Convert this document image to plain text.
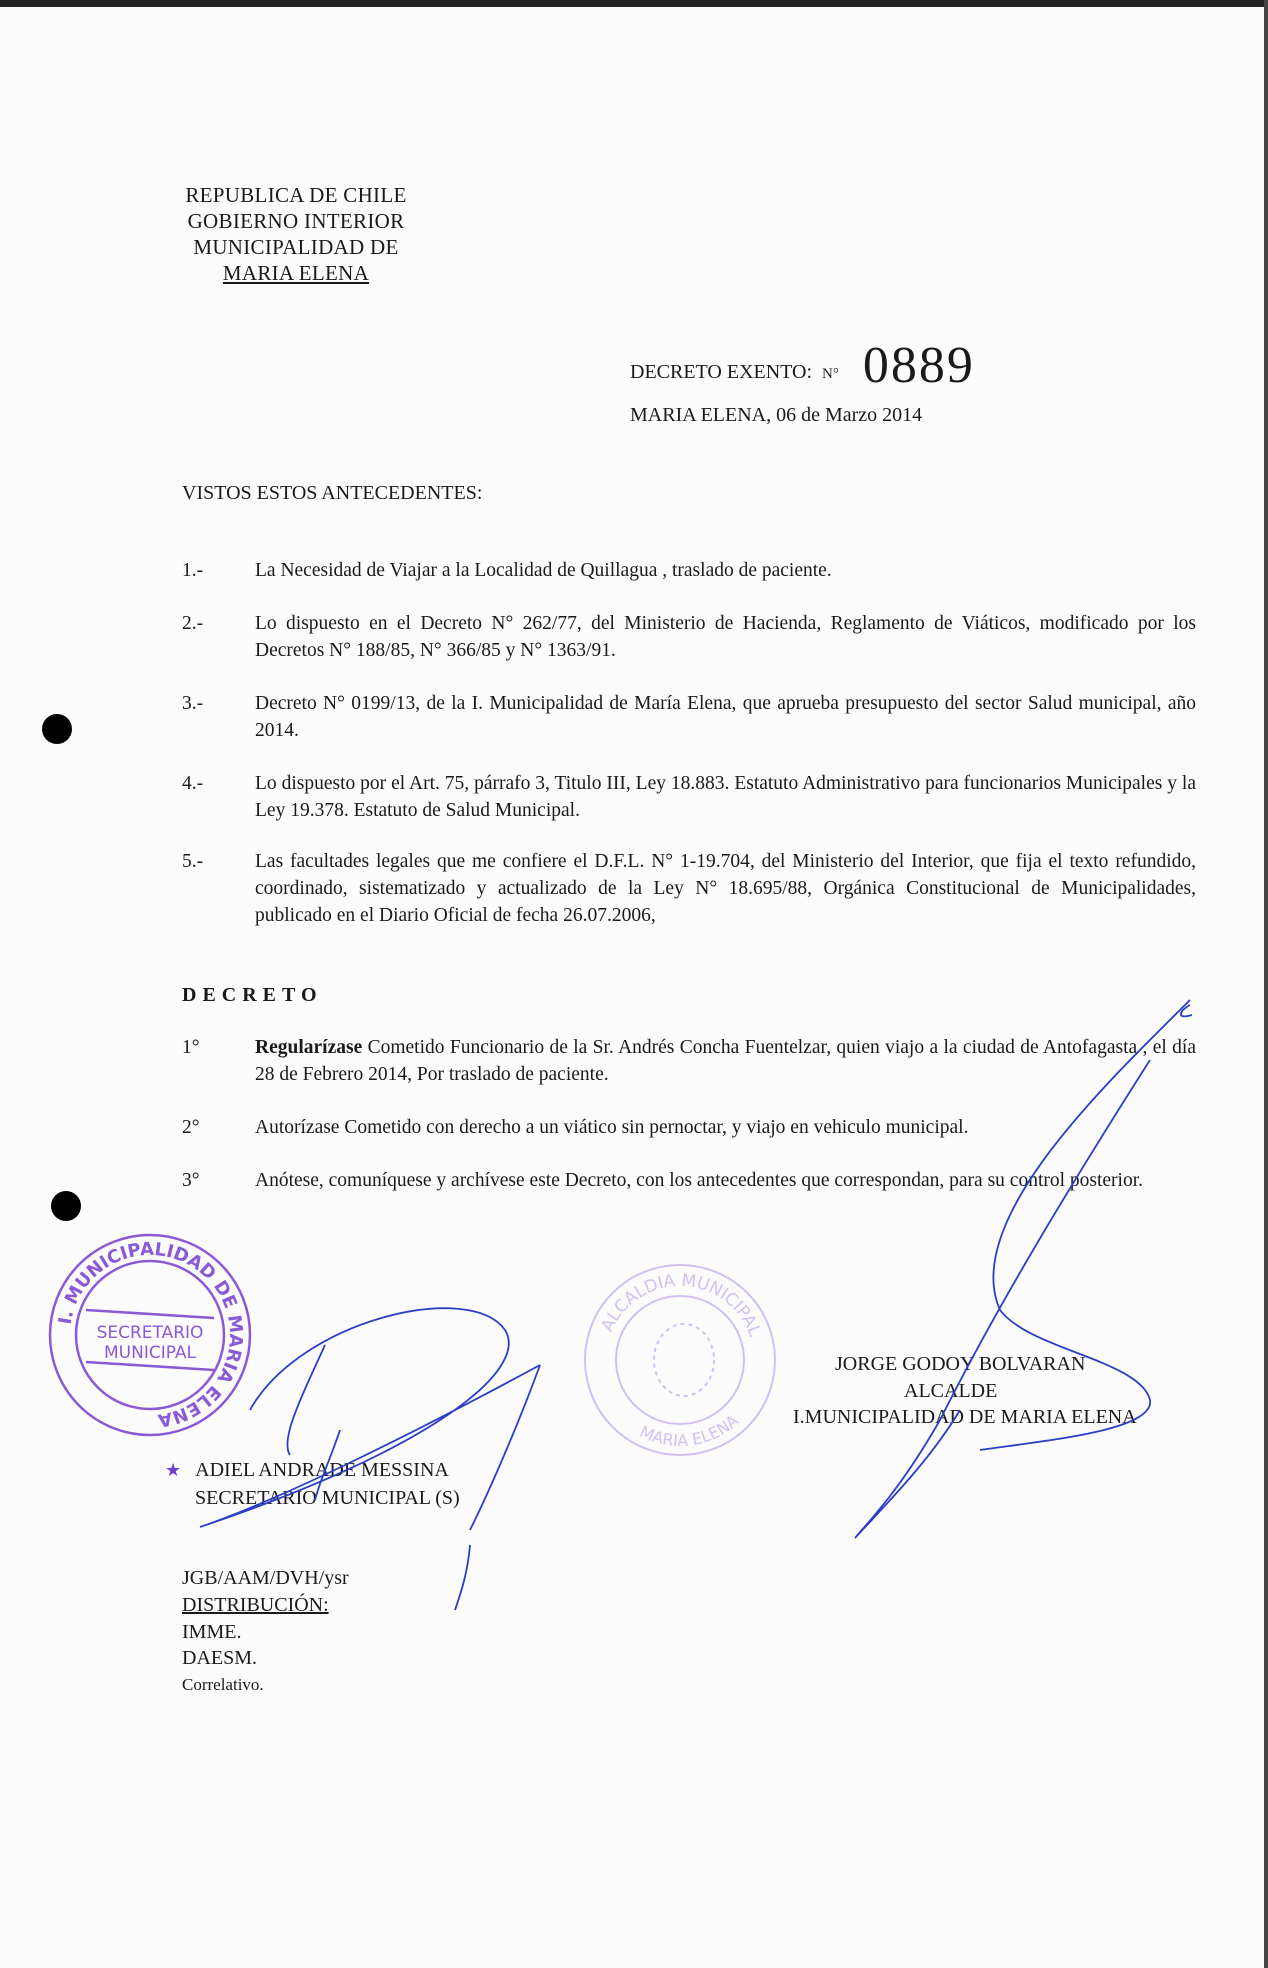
REPUBLICA DE CHILE
GOBIERNO INTERIOR
MUNICIPALIDAD DE
MARIA ELENA
DECRETO EXENTO: N° 0889
MARIA ELENA, 06 de Marzo 2014
VISTOS ESTOS ANTECEDENTES:
1.-	La Necesidad de Viajar a la Localidad de Quillagua , traslado de paciente.
2.-	Lo dispuesto en el Decreto N° 262/77, del Ministerio de Hacienda, Reglamento de Viáticos, modificado por los Decretos N° 188/85, N° 366/85 y N° 1363/91.
3.-	Decreto N° 0199/13, de la I. Municipalidad de María Elena, que aprueba presupuesto del sector Salud municipal, año 2014.
4.-	Lo dispuesto por el Art. 75, párrafo 3, Titulo III, Ley 18.883. Estatuto Administrativo para funcionarios Municipales y la Ley 19.378. Estatuto de Salud Municipal.
5.-	Las facultades legales que me confiere el D.F.L. N° 1-19.704, del Ministerio del Interior, que fija el texto refundido, coordinado, sistematizado y actualizado de la Ley N° 18.695/88, Orgánica Constitucional de Municipalidades, publicado en el Diario Oficial de fecha 26.07.2006,
DECRETO
1°	Regularízase Cometido Funcionario de la Sr. Andrés Concha Fuentelzar, quien viajo a la ciudad de Antofagasta , el día 28 de Febrero 2014, Por traslado de paciente.
2°	Autorízase Cometido con derecho a un viático sin pernoctar, y viajo en vehiculo municipal.
3°	Anótese, comuníquese y archívese este Decreto, con los antecedentes que correspondan, para su control posterior.
I. MUNICIPALIDAD DE MARIA ELENA
SECRETARIO
MUNICIPAL
ALCALDIA MUNICIPAL
MARIA ELENA
★ ADIEL ANDRADE MESSINA
SECRETARIO MUNICIPAL (S)
JORGE GODOY BOLVARAN
ALCALDE
I.MUNICIPALIDAD DE MARIA ELENA
JGB/AAM/DVH/ysr
DISTRIBUCIÓN:
IMME.
DAESM.
Correlativo.
